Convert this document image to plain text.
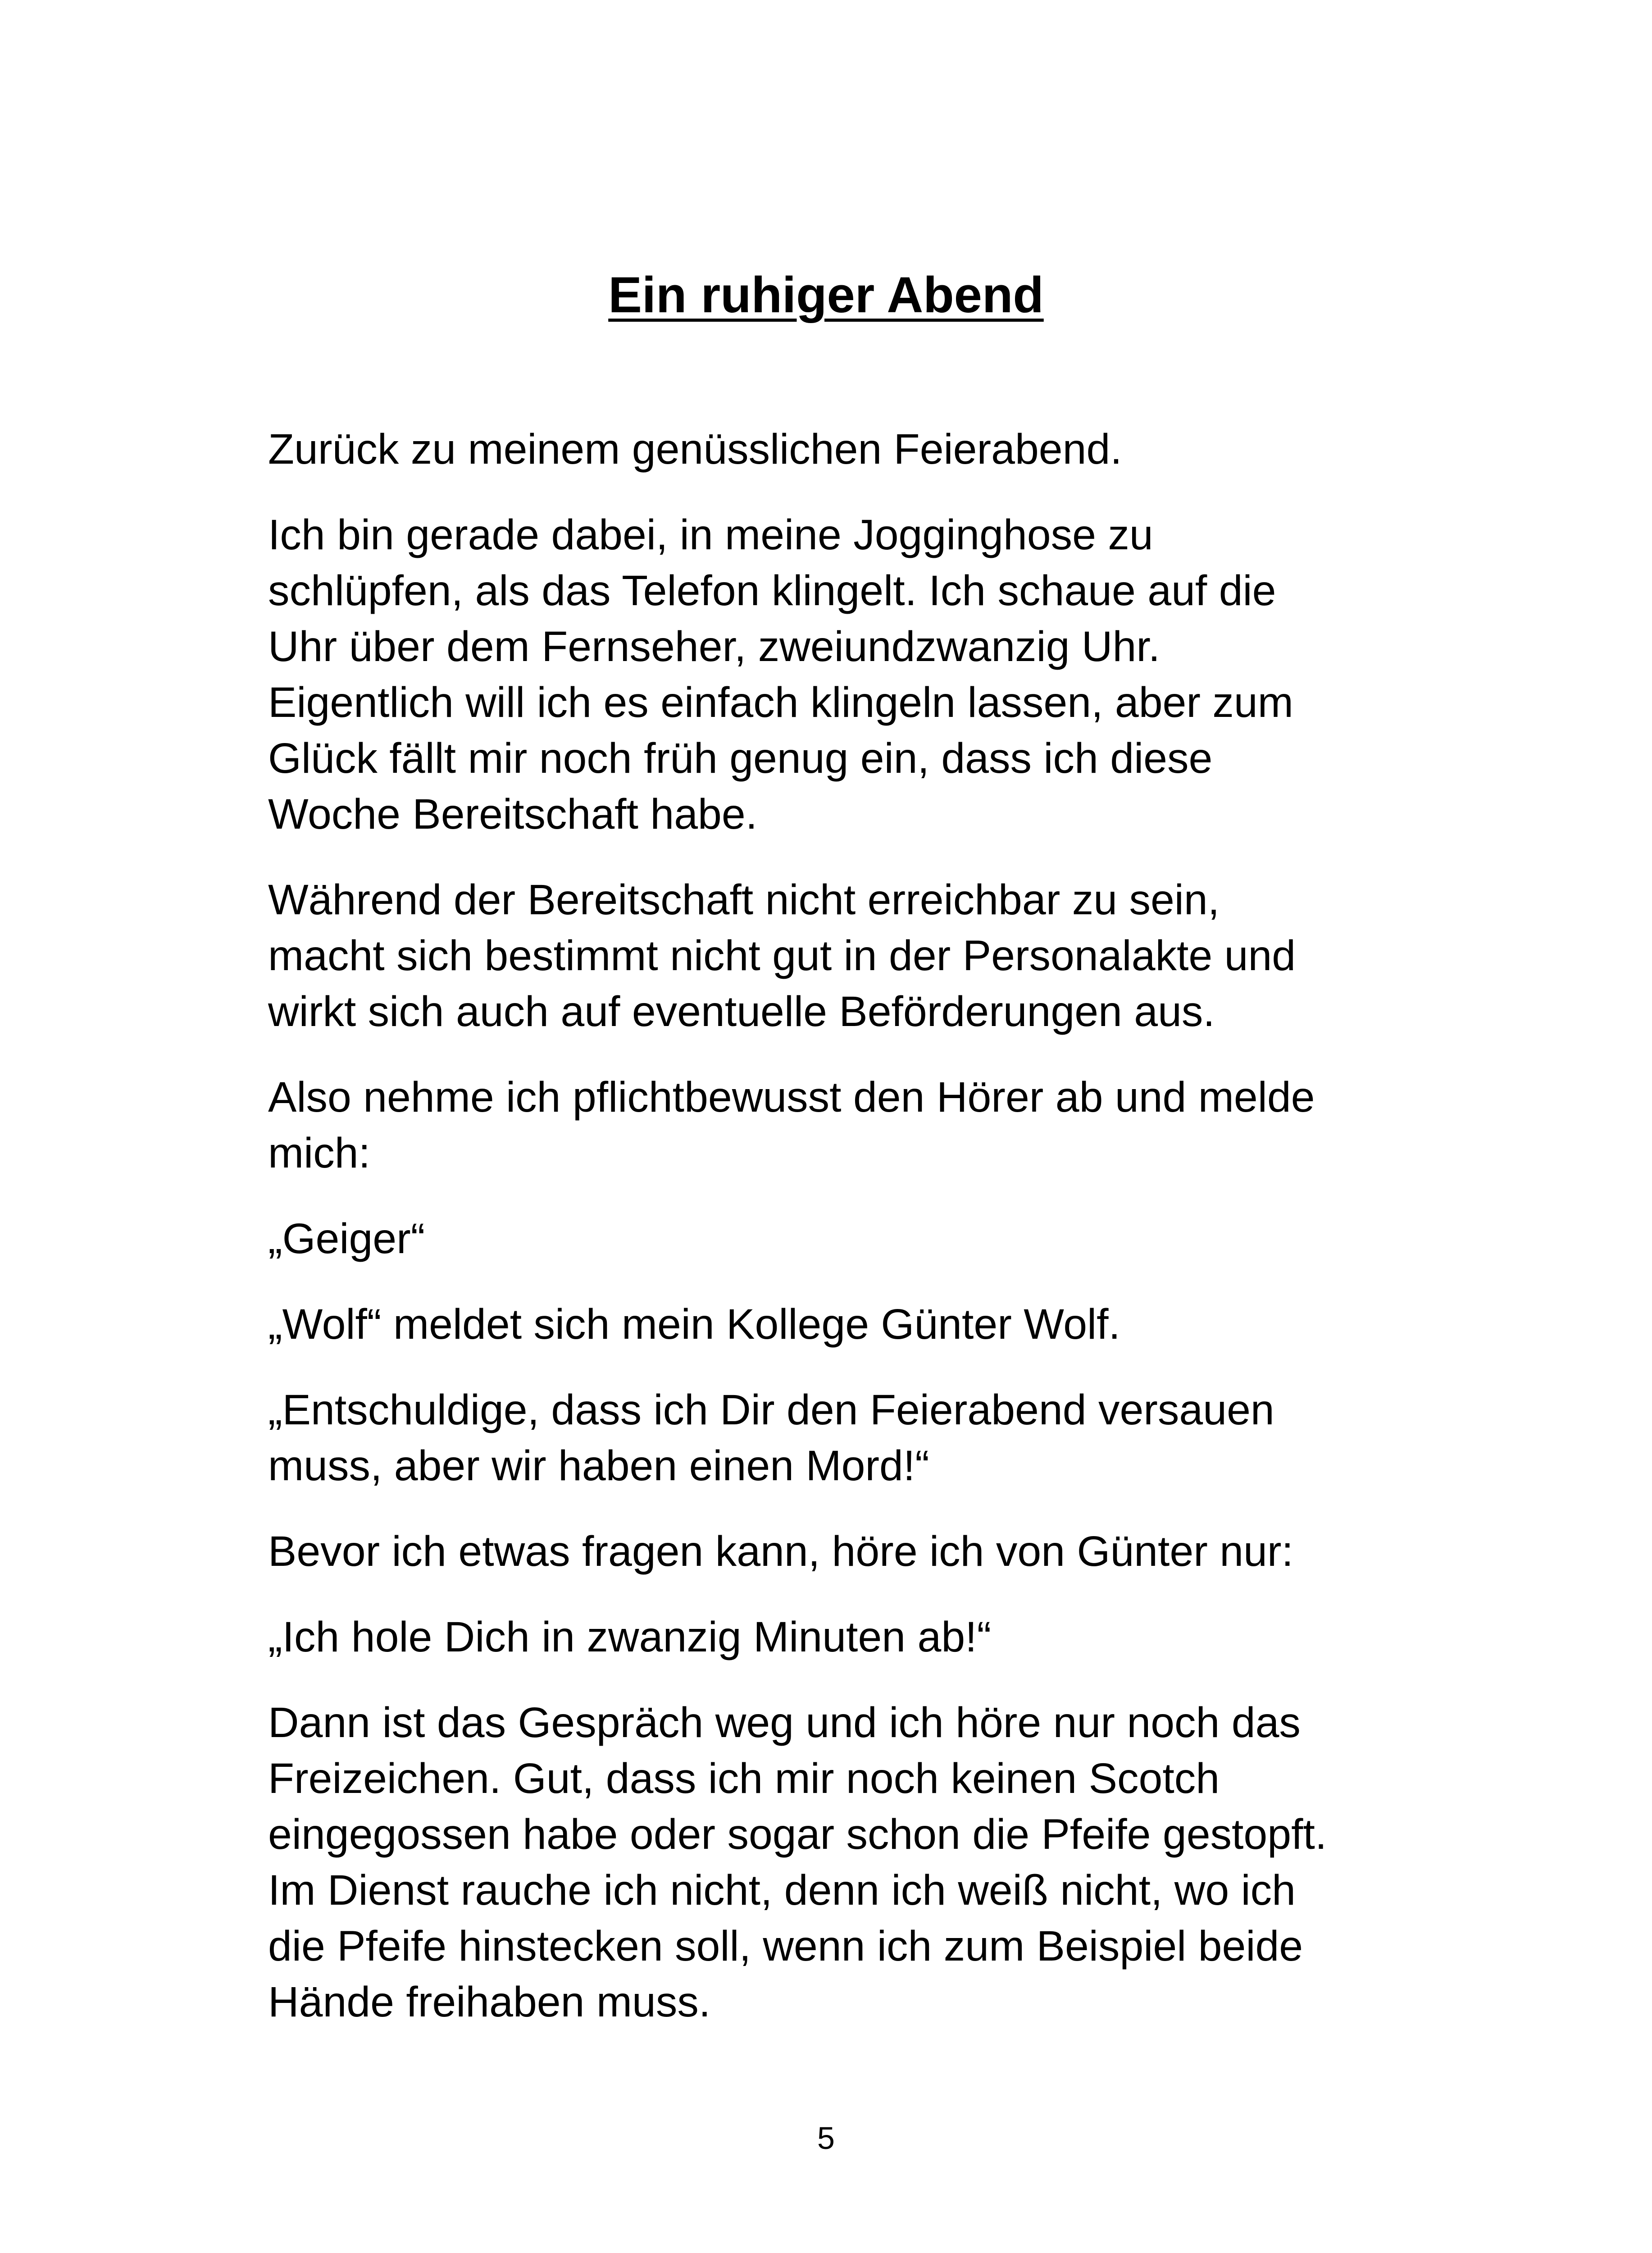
Ein ruhiger Abend

Zurück zu meinem genüsslichen Feierabend.

Ich bin gerade dabei, in meine Jogginghose zu
schlüpfen, als das Telefon klingelt. Ich schaue auf die
Uhr über dem Fernseher, zweiundzwanzig Uhr.
Eigentlich will ich es einfach klingeln lassen, aber zum
Glück fällt mir noch früh genug ein, dass ich diese
Woche Bereitschaft habe.

Während der Bereitschaft nicht erreichbar zu sein,
macht sich bestimmt nicht gut in der Personalakte und
wirkt sich auch auf eventuelle Beförderungen aus.

Also nehme ich pflichtbewusst den Hörer ab und melde
mich:

„Geiger“

„Wolf“ meldet sich mein Kollege Günter Wolf.

„Entschuldige, dass ich Dir den Feierabend versauen
muss, aber wir haben einen Mord!“

Bevor ich etwas fragen kann, höre ich von Günter nur:

„Ich hole Dich in zwanzig Minuten ab!“

Dann ist das Gespräch weg und ich höre nur noch das
Freizeichen. Gut, dass ich mir noch keinen Scotch
eingegossen habe oder sogar schon die Pfeife gestopft.
Im Dienst rauche ich nicht, denn ich weiß nicht, wo ich
die Pfeife hinstecken soll, wenn ich zum Beispiel beide
Hände freihaben muss.

5
